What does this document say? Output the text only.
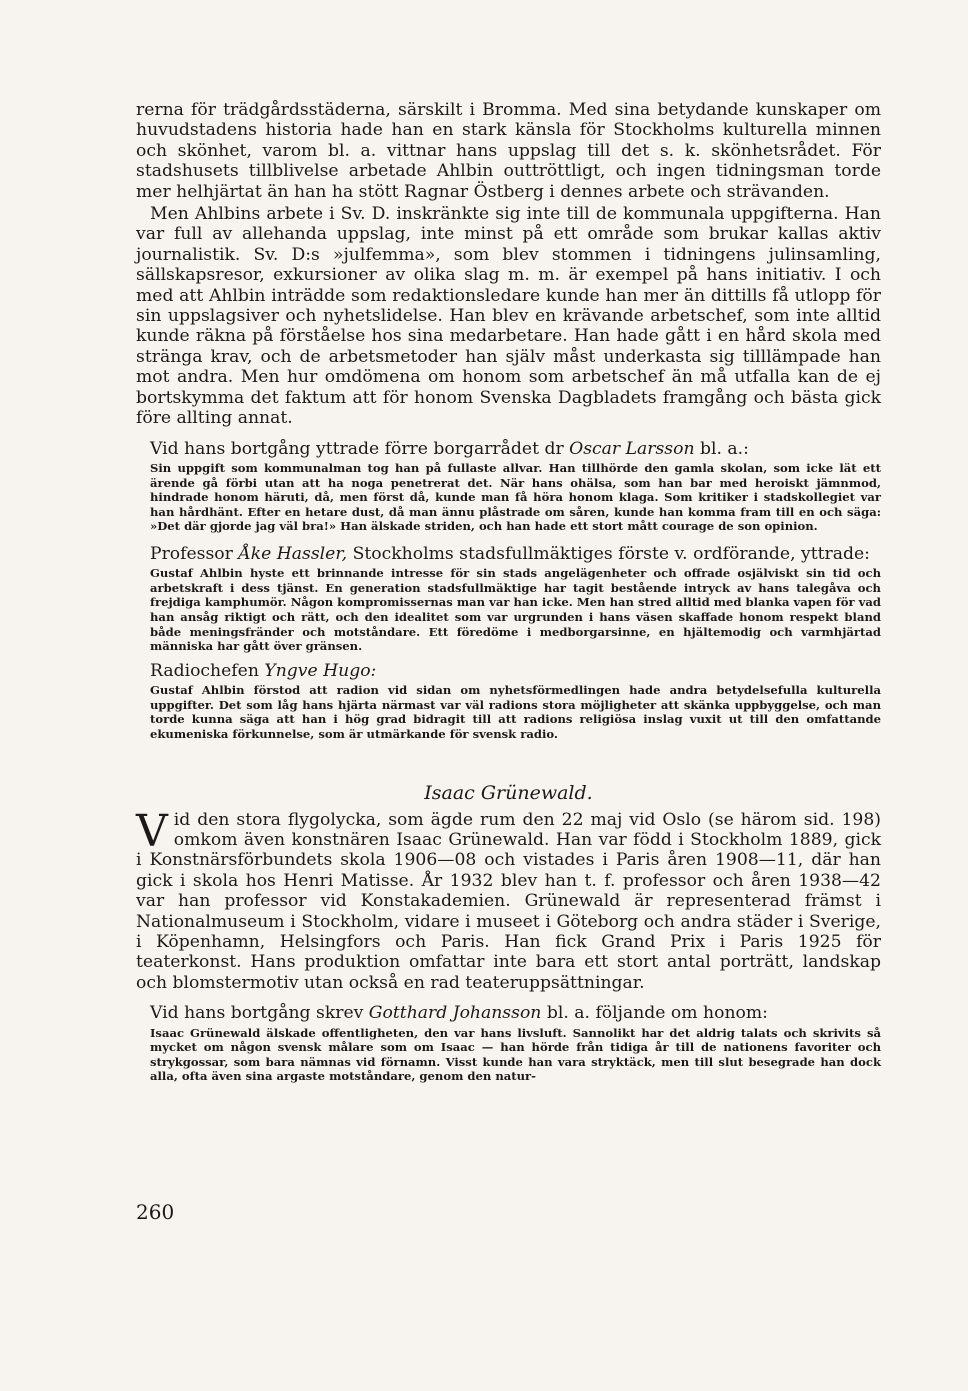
rerna för trädgårdsstäderna, särskilt i Bromma. Med sina betydande kunskaper om huvudstadens historia hade han en stark känsla för Stockholms kulturella minnen och skönhet, varom bl. a. vittnar hans uppslag till det s. k. skönhetsrådet. För stadshusets tillblivelse arbetade Ahlbin outtröttligt, och ingen tidningsman torde mer helhjärtat än han ha stött Ragnar Östberg i dennes arbete och strävanden.

Men Ahlbins arbete i Sv. D. inskränkte sig inte till de kommunala uppgifterna. Han var full av allehanda uppslag, inte minst på ett område som brukar kallas aktiv journalistik. Sv. D:s »julfemma», som blev stommen i tidningens julinsamling, sällskapsresor, exkursioner av olika slag m. m. är exempel på hans initiativ. I och med att Ahlbin inträdde som redaktionsledare kunde han mer än dittills få utlopp för sin uppslagsiver och nyhetslidelse. Han blev en krävande arbetschef, som inte alltid kunde räkna på förståelse hos sina medarbetare. Han hade gått i en hård skola med stränga krav, och de arbetsmetoder han själv måst underkasta sig tilllämpade han mot andra. Men hur omdömena om honom som arbetschef än må utfalla kan de ej bortskymma det faktum att för honom Svenska Dagbladets framgång och bästa gick före allting annat.

Vid hans bortgång yttrade förre borgarrådet dr Oscar Larsson bl. a.:

Sin uppgift som kommunalman tog han på fullaste allvar. Han tillhörde den gamla skolan, som icke lät ett ärende gå förbi utan att ha noga penetrerat det. När hans ohälsa, som han bar med heroiskt jämnmod, hindrade honom häruti, då, men först då, kunde man få höra honom klaga. Som kritiker i stadskollegiet var han hårdhänt. Efter en hetare dust, då man ännu plåstrade om såren, kunde han komma fram till en och säga: »Det där gjorde jag väl bra!» Han älskade striden, och han hade ett stort mått courage de son opinion.

Professor Åke Hassler, Stockholms stadsfullmäktiges förste v. ordförande, yttrade:

Gustaf Ahlbin hyste ett brinnande intresse för sin stads angelägenheter och offrade osjälviskt sin tid och arbetskraft i dess tjänst. En generation stadsfullmäktige har tagit bestående intryck av hans talegåva och frejdiga kamphumör. Någon kompromissernas man var han icke. Men han stred alltid med blanka vapen för vad han ansåg riktigt och rätt, och den idealitet som var urgrunden i hans väsen skaffade honom respekt bland både meningsfränder och motståndare. Ett föredöme i medborgarsinne, en hjältemodig och varmhjärtad människa har gått över gränsen.

Radiochefen Yngve Hugo:

Gustaf Ahlbin förstod att radion vid sidan om nyhetsförmedlingen hade andra betydelsefulla kulturella uppgifter. Det som låg hans hjärta närmast var väl radions stora möjligheter att skänka uppbyggelse, och man torde kunna säga att han i hög grad bidragit till att radions religiösa inslag vuxit ut till den omfattande ekumeniska förkunnelse, som är utmärkande för svensk radio.

Isaac Grünewald.

Vid den stora flygolycka, som ägde rum den 22 maj vid Oslo (se härom sid. 198) omkom även konstnären Isaac Grünewald. Han var född i Stockholm 1889, gick i Konstnärsförbundets skola 1906—08 och vistades i Paris åren 1908—11, där han gick i skola hos Henri Matisse. År 1932 blev han t. f. professor och åren 1938—42 var han professor vid Konstakademien. Grünewald är representerad främst i Nationalmuseum i Stockholm, vidare i museet i Göteborg och andra städer i Sverige, i Köpenhamn, Helsingfors och Paris. Han fick Grand Prix i Paris 1925 för teaterkonst. Hans produktion omfattar inte bara ett stort antal porträtt, landskap och blomstermotiv utan också en rad teateruppsättningar.

Vid hans bortgång skrev Gotthard Johansson bl. a. följande om honom:

Isaac Grünewald älskade offentligheten, den var hans livsluft. Sannolikt har det aldrig talats och skrivits så mycket om någon svensk målare som om Isaac — han hörde från tidiga år till de nationens favoriter och strykgossar, som bara nämnas vid förnamn. Visst kunde han vara stryktäck, men till slut besegrade han dock alla, ofta även sina argaste motståndare, genom den natur-

260
